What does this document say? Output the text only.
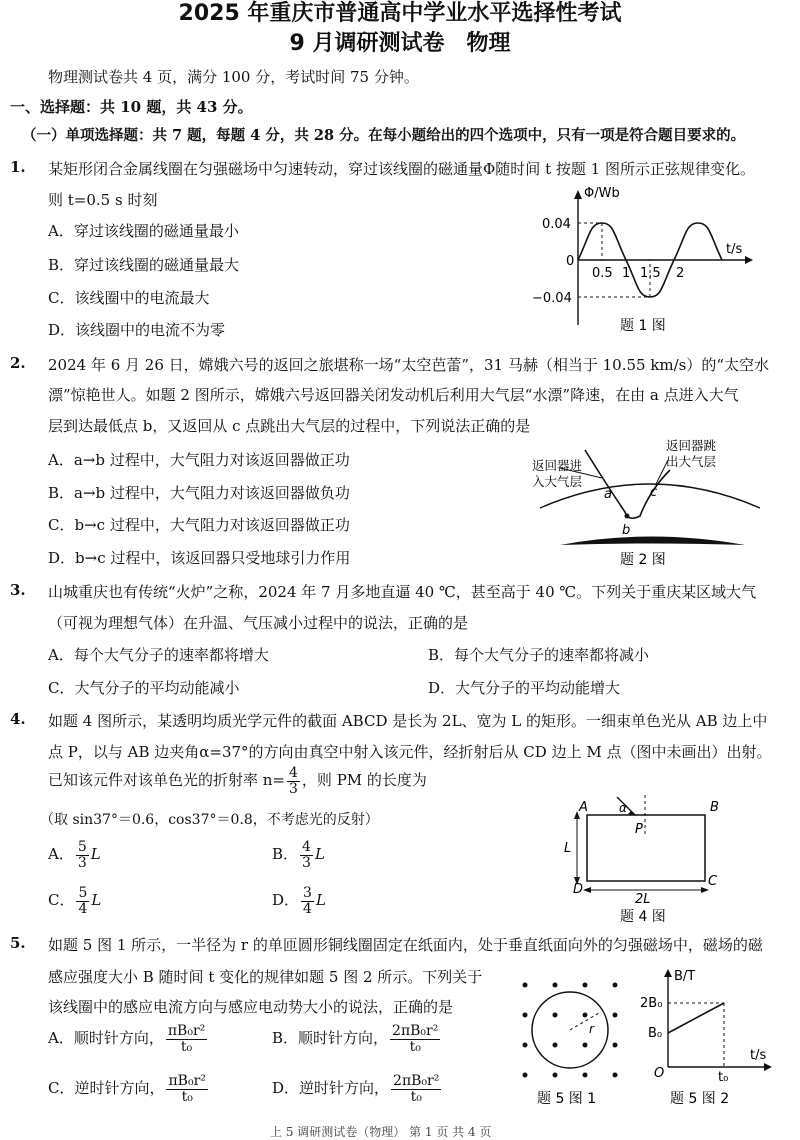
2025 年重庆市普通高中学业水平选择性考试
9 月调研测试卷　物理
物理测试卷共 4 页，满分 100 分，考试时间 75 分钟。
一、选择题：共 10 题，共 43 分。
（一）单项选择题：共 7 题，每题 4 分，共 28 分。在每小题给出的四个选项中，只有一项是符合题目要求的。
1. 某矩形闭合金属线圈在匀强磁场中匀速转动，穿过该线圈的磁通量Φ随时间 t 按题 1 图所示正弦规律变化。
则 t=0.5 s 时刻
A．穿过该线圈的磁通量最小
B．穿过该线圈的磁通量最大
C．该线圈中的电流最大
D．该线圈中的电流不为零
Φ/Wb
t/s
0
0.04
−0.04
0.5 1 1.5 2
题 1 图
2. 2024 年 6 月 26 日，嫦娥六号的返回之旅堪称一场“太空芭蕾”，31 马赫（相当于 10.55 km/s）的“太空水
漂”惊艳世人。如题 2 图所示，嫦娥六号返回器关闭发动机后利用大气层“水漂”降速，在由 a 点进入大气
层到达最低点 b，又返回从 c 点跳出大气层的过程中，下列说法正确的是
A．a→b 过程中，大气阻力对该返回器做正功
B．a→b 过程中，大气阻力对该返回器做负功
C．b→c 过程中，大气阻力对该返回器做正功
D．b→c 过程中，该返回器只受地球引力作用
返回器进
入大气层
返回器跳
出大气层
a
b
c
题 2 图
3. 山城重庆也有传统“火炉”之称，2024 年 7 月多地直逼 40 ℃，甚至高于 40 ℃。下列关于重庆某区域大气
（可视为理想气体）在升温、气压减小过程中的说法，正确的是
A．每个大气分子的速率都将增大	B．每个大气分子的速率都将减小
C．大气分子的平均动能减小	D．大气分子的平均动能增大
4. 如题 4 图所示，某透明均质光学元件的截面 ABCD 是长为 2L、宽为 L 的矩形。一细束单色光从 AB 边上中
点 P，以与 AB 边夹角α=37°的方向由真空中射入该元件，经折射后从 CD 边上 M 点（图中未画出）出射。
已知该元件对该单色光的折射率 $n= \frac{4}{3}$ ，则 PM 的长度为
（取 sin37°＝0.6，cos37°＝0.8，不考虑光的反射）
A． $\frac{5}{3}$ L	B． $\frac{4}{3}$ L
C． $\frac{5}{4}$ L	D． $\frac{3}{4}$ L
A	B
C
D
P
α
L
2L
题 4 图
5. 如题 5 图 1 所示，一半径为 r 的单匝圆形铜线圈固定在纸面内，处于垂直纸面向外的匀强磁场中，磁场的磁
感应强度大小 B 随时间 t 变化的规律如题 5 图 2 所示。下列关于
该线圈中的感应电流方向与感应电动势大小的说法，正确的是
A．顺时针方向， $\frac{\text{πB₀r²}}{\text{t₀}}$	B．顺时针方向， $\frac{\text{2πB₀r²}}{\text{t₀}}$
C．逆时针方向， $\frac{\text{πB₀r²}}{\text{t₀}}$	D．逆时针方向， $\frac{\text{2πB₀r²}}{\text{t₀}}$
r
题 5 图 1
B/T
t/s
O
2B₀
B₀
t₀
题 5 图 2
上 5 调研测试卷（物理） 第 1 页 共 4 页
